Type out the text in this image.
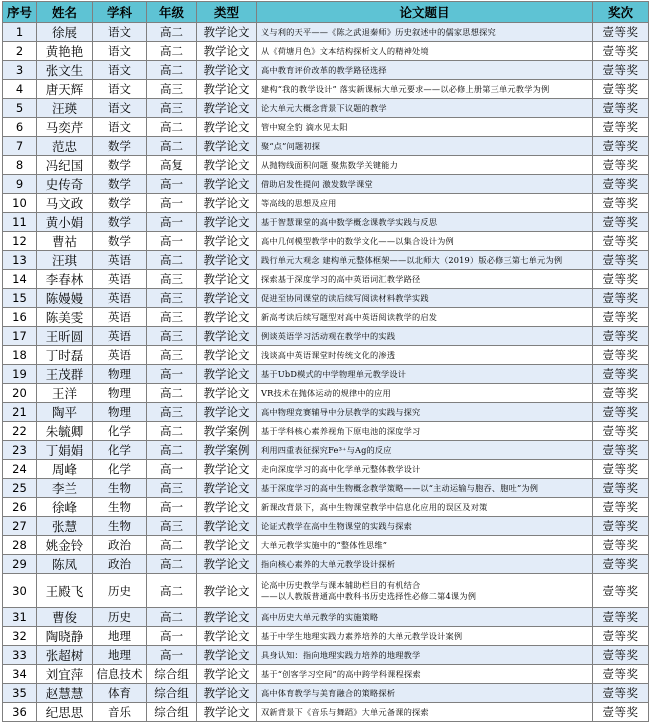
序号	姓名	学科	年级	类型	论文题目	奖次
1	徐展	语文	高二	教学论文	义与利的天平——《陈之武退秦师》历史叙述中的儒家思想探究	壹等奖
2	黄艳艳	语文	高二	教学论文	从《荷塘月色》文本结构探析文人的精神处境	壹等奖
3	张文生	语文	高二	教学论文	高中教育评价改革的教学路径选择	壹等奖
4	唐天辉	语文	高三	教学论文	建构“我的教学设计” 落实新课标大单元要求——以必修上册第三单元教学为例	壹等奖
5	汪瑛	语文	高三	教学论文	论大单元大概念背景下议题的教学	壹等奖
6	马奕芹	语文	高二	教学论文	管中窥全豹 滴水见太阳	壹等奖
7	范忠	数学	高二	教学论文	聚“点”问题初探	壹等奖
8	冯纪国	数学	高复	教学论文	从抛物线面积问题 聚焦数学关键能力	壹等奖
9	史传奇	数学	高一	教学论文	借助启发性提问 激发数学课堂	壹等奖
10	马文政	数学	高一	教学论文	等高线的思想及应用	壹等奖
11	黄小娟	数学	高一	教学论文	基于智慧课堂的高中数学概念课教学实践与反思	壹等奖
12	曹祜	数学	高一	教学论文	高中几何模型教学中的数学文化——以集合设计为例	壹等奖
13	汪琪	英语	高二	教学论文	践行单元大观念 建构单元整体框架——以北师大（2019）版必修三第七单元为例	壹等奖
14	李春林	英语	高三	教学论文	探索基于深度学习的高中英语词汇教学路径	壹等奖
15	陈嫚嫚	英语	高三	教学论文	促进至协同课堂的读后续写阅读材料教学实践	壹等奖
16	陈美雯	英语	高三	教学论文	新高考读后续写题型对高中英语阅读教学的启发	壹等奖
17	王昕圆	英语	高三	教学论文	例谈英语学习活动观在教学中的实践	壹等奖
18	丁时磊	英语	高三	教学论文	浅谈高中英语课堂时传统文化的渗透	壹等奖
19	王茂群	物理	高一	教学论文	基于UbD模式的中学物理单元教学设计	壹等奖
20	王洋	物理	高二	教学论文	VR技术在抛体运动的规律中的应用	壹等奖
21	陶平	物理	高三	教学论文	高中物理竞赛辅导中分层教学的实践与探究	壹等奖
22	朱毓卿	化学	高二	教学案例	基于学科核心素养视角下原电池的深度学习	壹等奖
23	丁娟娟	化学	高二	教学案例	利用四重表征探究Fe³⁺与Ag的反应	壹等奖
24	周峰	化学	高一	教学论文	走向深度学习的高中化学单元整体教学设计	壹等奖
25	李兰	生物	高三	教学论文	基于深度学习的高中生物概念教学策略——以“主动运输与胞吞、胞吐”为例	壹等奖
26	徐峰	生物	高一	教学论文	新课改背景下，高中生物课堂教学中信息化应用的误区及对策	壹等奖
27	张慧	生物	高三	教学论文	论证式教学在高中生物课堂的实践与探索	壹等奖
28	姚金铃	政治	高二	教学论文	大单元教学实施中的“整体性思维”	壹等奖
29	陈凤	政治	高二	教学论文	指向核心素养的大单元教学设计探析	壹等奖
30	王殿飞	历史	高二	教学论文	论高中历史教学与课本辅助栏目的有机结合
——以人教版普通高中教科书历史选择性必修二第4课为例	壹等奖
31	曹俊	历史	高二	教学论文	高中历史大单元教学的实施策略	壹等奖
32	陶晓静	地理	高一	教学论文	基于中学生地理实践力素养培养的大单元教学设计案例	壹等奖
33	张超树	地理	高一	教学论文	具身认知：指向地理实践力培养的地理教学	壹等奖
34	刘宜萍	信息技术	综合组	教学论文	基于“创客学习空间”的高中跨学科课程探索	壹等奖
35	赵慧慧	体育	综合组	教学论文	高中体育教学与美育融合的策略探析	壹等奖
36	纪思思	音乐	综合组	教学论文	双新背景下《音乐与舞蹈》大单元备课的探索	壹等奖
